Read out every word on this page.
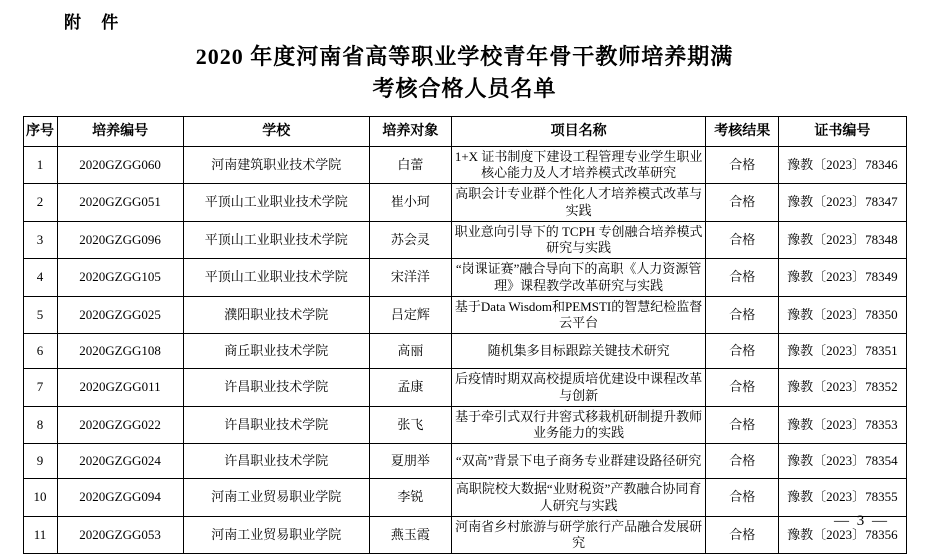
附 件
2020 年度河南省高等职业学校青年骨干教师培养期满
考核合格人员名单
序号	培养编号	学校	培养对象	项目名称	考核结果	证书编号
1	2020GZGG060	河南建筑职业技术学院	白蕾	1+X 证书制度下建设工程管理专业学生职业核心能力及人才培养模式改革研究	合格	豫教〔2023〕78346
2	2020GZGG051	平顶山工业职业技术学院	崔小珂	高职会计专业群个性化人才培养模式改革与实践	合格	豫教〔2023〕78347
3	2020GZGG096	平顶山工业职业技术学院	苏会灵	职业意向引导下的 TCPH 专创融合培养模式研究与实践	合格	豫教〔2023〕78348
4	2020GZGG105	平顶山工业职业技术学院	宋洋洋	“岗课证赛”融合导向下的高职《人力资源管理》课程教学改革研究与实践	合格	豫教〔2023〕78349
5	2020GZGG025	濮阳职业技术学院	吕定辉	基于Data Wisdom和PEMSTI的智慧纪检监督云平台	合格	豫教〔2023〕78350
6	2020GZGG108	商丘职业技术学院	高丽	随机集多目标跟踪关键技术研究	合格	豫教〔2023〕78351
7	2020GZGG011	许昌职业技术学院	孟康	后疫情时期双高校提质培优建设中课程改革与创新	合格	豫教〔2023〕78352
8	2020GZGG022	许昌职业技术学院	张飞	基于牵引式双行井窖式移栽机研制提升教师业务能力的实践	合格	豫教〔2023〕78353
9	2020GZGG024	许昌职业技术学院	夏朋举	“双高”背景下电子商务专业群建设路径研究	合格	豫教〔2023〕78354
10	2020GZGG094	河南工业贸易职业学院	李锐	高职院校大数据“业财税资”产教融合协同育人研究与实践	合格	豫教〔2023〕78355
11	2020GZGG053	河南工业贸易职业学院	燕玉霞	河南省乡村旅游与研学旅行产品融合发展研究	合格	豫教〔2023〕78356
— 3 —
